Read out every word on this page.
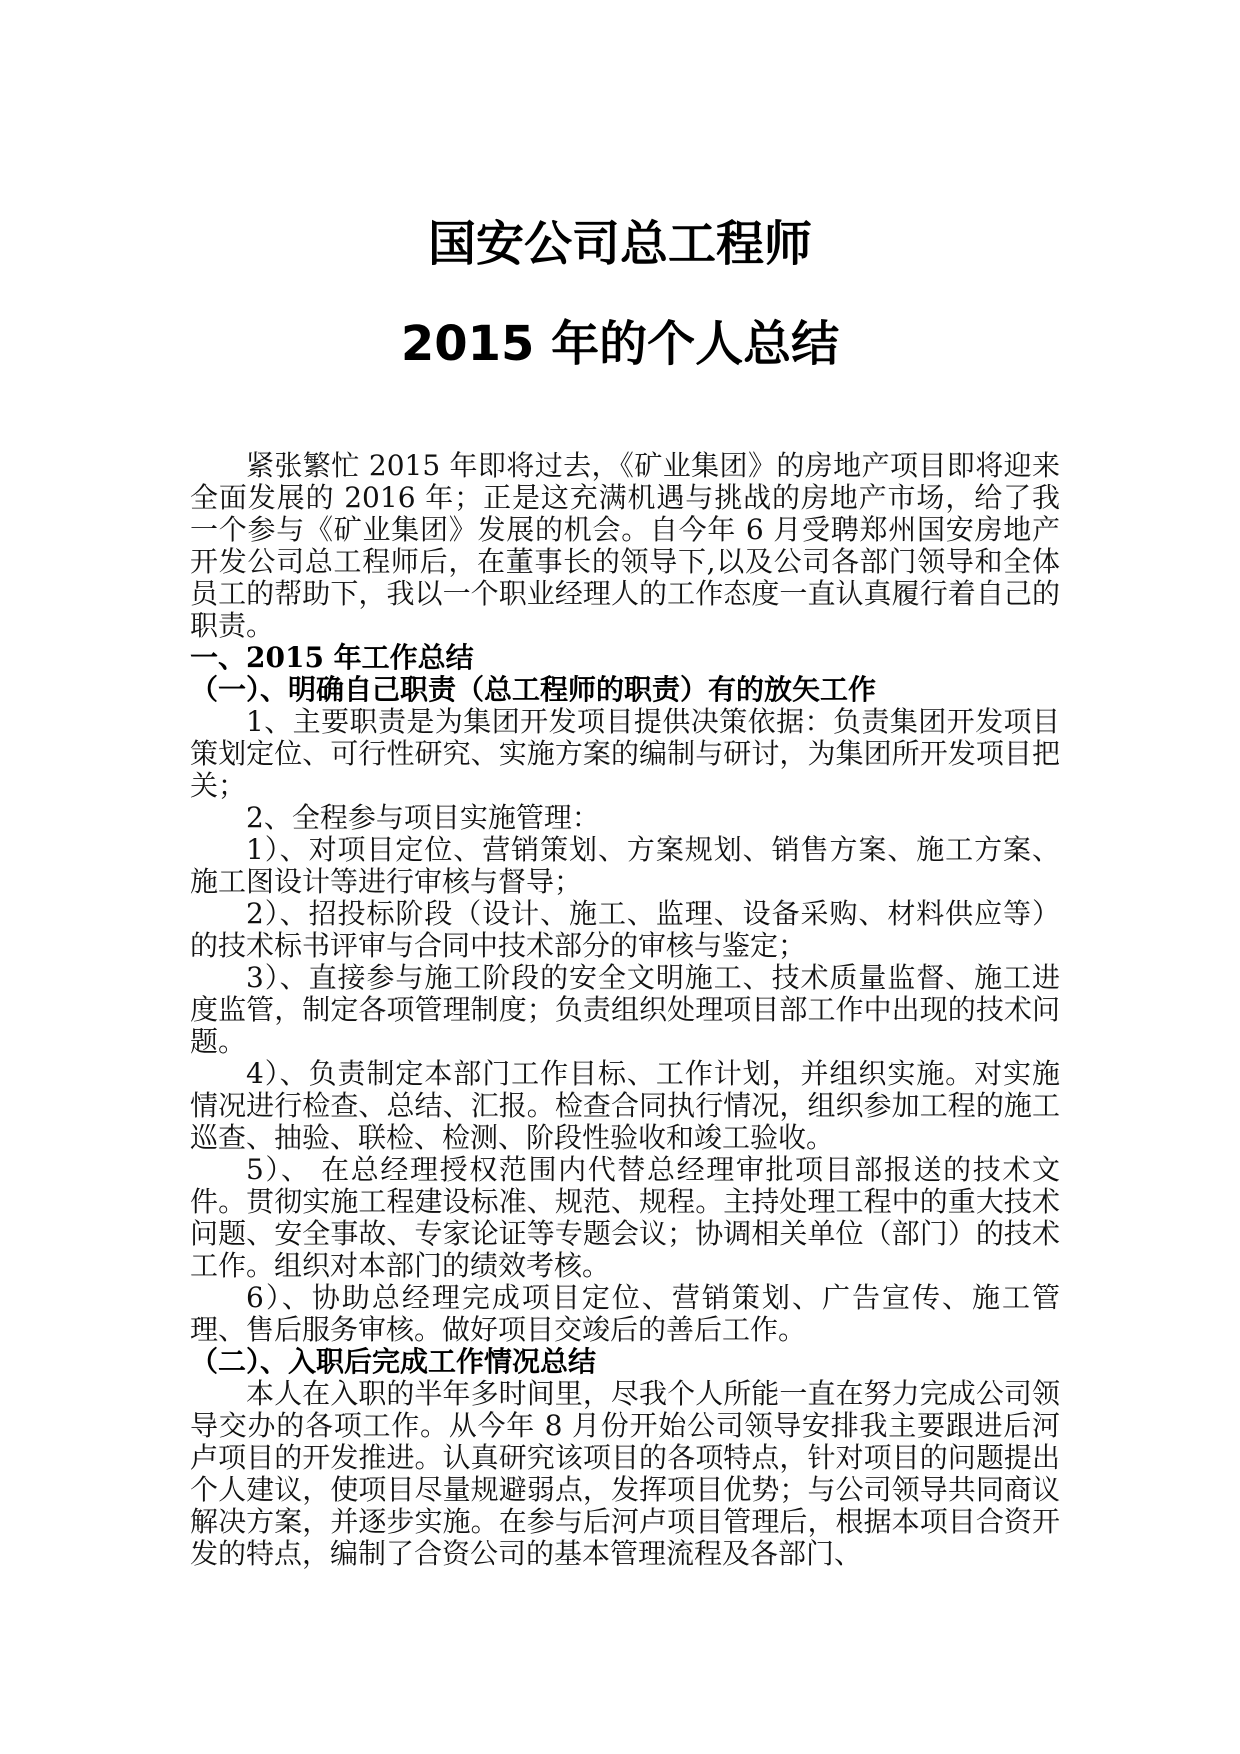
国安公司总工程师
2015 年的个人总结

紧张繁忙 2015 年即将过去，《矿业集团》的房地产项目即将迎来全面发展的 2016 年；正是这充满机遇与挑战的房地产市场，给了我一个参与《矿业集团》发展的机会。自今年 6 月受聘郑州国安房地产开发公司总工程师后，在董事长的领导下,以及公司各部门领导和全体员工的帮助下，我以一个职业经理人的工作态度一直认真履行着自己的职责。

一、2015 年工作总结

（一）、明确自己职责（总工程师的职责）有的放矢工作

1、主要职责是为集团开发项目提供决策依据：负责集团开发项目策划定位、可行性研究、实施方案的编制与研讨，为集团所开发项目把关；

2、全程参与项目实施管理：

1）、对项目定位、营销策划、方案规划、销售方案、施工方案、施工图设计等进行审核与督导；

2）、招投标阶段（设计、施工、监理、设备采购、材料供应等）的技术标书评审与合同中技术部分的审核与鉴定；

3）、直接参与施工阶段的安全文明施工、技术质量监督、施工进度监管，制定各项管理制度；负责组织处理项目部工作中出现的技术问题。

4）、负责制定本部门工作目标、工作计划，并组织实施。对实施情况进行检查、总结、汇报。检查合同执行情况，组织参加工程的施工巡查、抽验、联检、检测、阶段性验收和竣工验收。

5）、 在总经理授权范围内代替总经理审批项目部报送的技术文件。贯彻实施工程建设标准、规范、规程。主持处理工程中的重大技术问题、安全事故、专家论证等专题会议；协调相关单位（部门）的技术工作。组织对本部门的绩效考核。

6）、协助总经理完成项目定位、营销策划、广告宣传、施工管理、售后服务审核。做好项目交竣后的善后工作。

（二）、入职后完成工作情况总结

本人在入职的半年多时间里，尽我个人所能一直在努力完成公司领导交办的各项工作。从今年 8 月份开始公司领导安排我主要跟进后河卢项目的开发推进。认真研究该项目的各项特点，针对项目的问题提出个人建议，使项目尽量规避弱点，发挥项目优势；与公司领导共同商议解决方案，并逐步实施。在参与后河卢项目管理后，根据本项目合资开发的特点，编制了合资公司的基本管理流程及各部门、
